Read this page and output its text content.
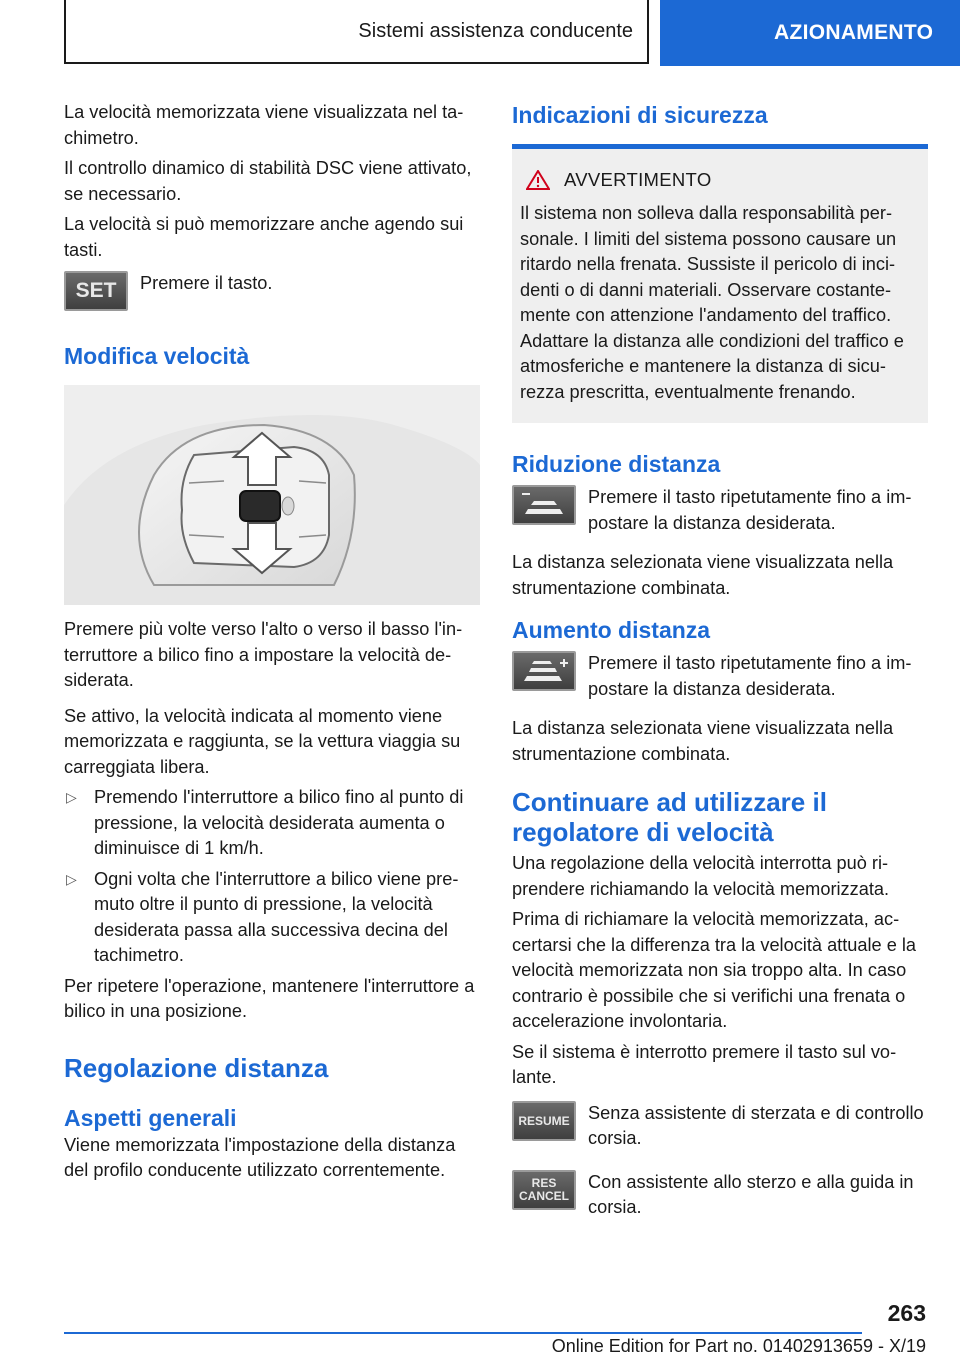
Sistemi assistenza conducente	AZIONAMENTO

La velocità memorizzata viene visualizzata nel tachimetro.

Il controllo dinamico di stabilità DSC viene attivato, se necessario.

La velocità si può memorizzare anche agendo sui tasti.

SET	Premere il tasto.
Modifica velocità

Premere più volte verso l'alto o verso il basso l'interruttore a bilico fino a impostare la velocità desiderata.

Se attivo, la velocità indicata al momento viene memorizzata e raggiunta, se la vettura viaggia su carreggiata libera.

▷ Premendo l'interruttore a bilico fino al punto di pressione, la velocità desiderata aumenta o diminuisce di 1 km/h.
▷ Ogni volta che l'interruttore a bilico viene premuto oltre il punto di pressione, la velocità desiderata passa alla successiva decina del tachimetro.

Per ripetere l'operazione, mantenere l'interruttore a bilico in una posizione.

Regolazione distanza
Aspetti generali

Viene memorizzata l'impostazione della distanza del profilo conducente utilizzato correntemente.

Indicazioni di sicurezza
AVVERTIMENTO

Il sistema non solleva dalla responsabilità personale. I limiti del sistema possono causare un ritardo nella frenata. Sussiste il pericolo di incidenti o di danni materiali. Osservare costantemente con attenzione l'andamento del traffico. Adattare la distanza alle condizioni del traffico e atmosferiche e mantenere la distanza di sicurezza prescritta, eventualmente frenando.

Riduzione distanza
Premere il tasto ripetutamente fino a impostare la distanza desiderata.

La distanza selezionata viene visualizzata nella strumentazione combinata.

Aumento distanza
Premere il tasto ripetutamente fino a impostare la distanza desiderata.

La distanza selezionata viene visualizzata nella strumentazione combinata.

Continuare ad utilizzare il regolatore di velocità

Una regolazione della velocità interrotta può riprendere richiamando la velocità memorizzata.

Prima di richiamare la velocità memorizzata, accertarsi che la differenza tra la velocità attuale e la velocità memorizzata non sia troppo alta. In caso contrario è possibile che si verifichi una frenata o accelerazione involontaria.

Se il sistema è interrotto premere il tasto sul volante.

RESUME	Senza assistente di sterzata e di controllo corsia.
RES
CANCEL
Con assistente allo sterzo e alla guida in corsia.
263
Online Edition for Part no. 01402913659 - X/19
